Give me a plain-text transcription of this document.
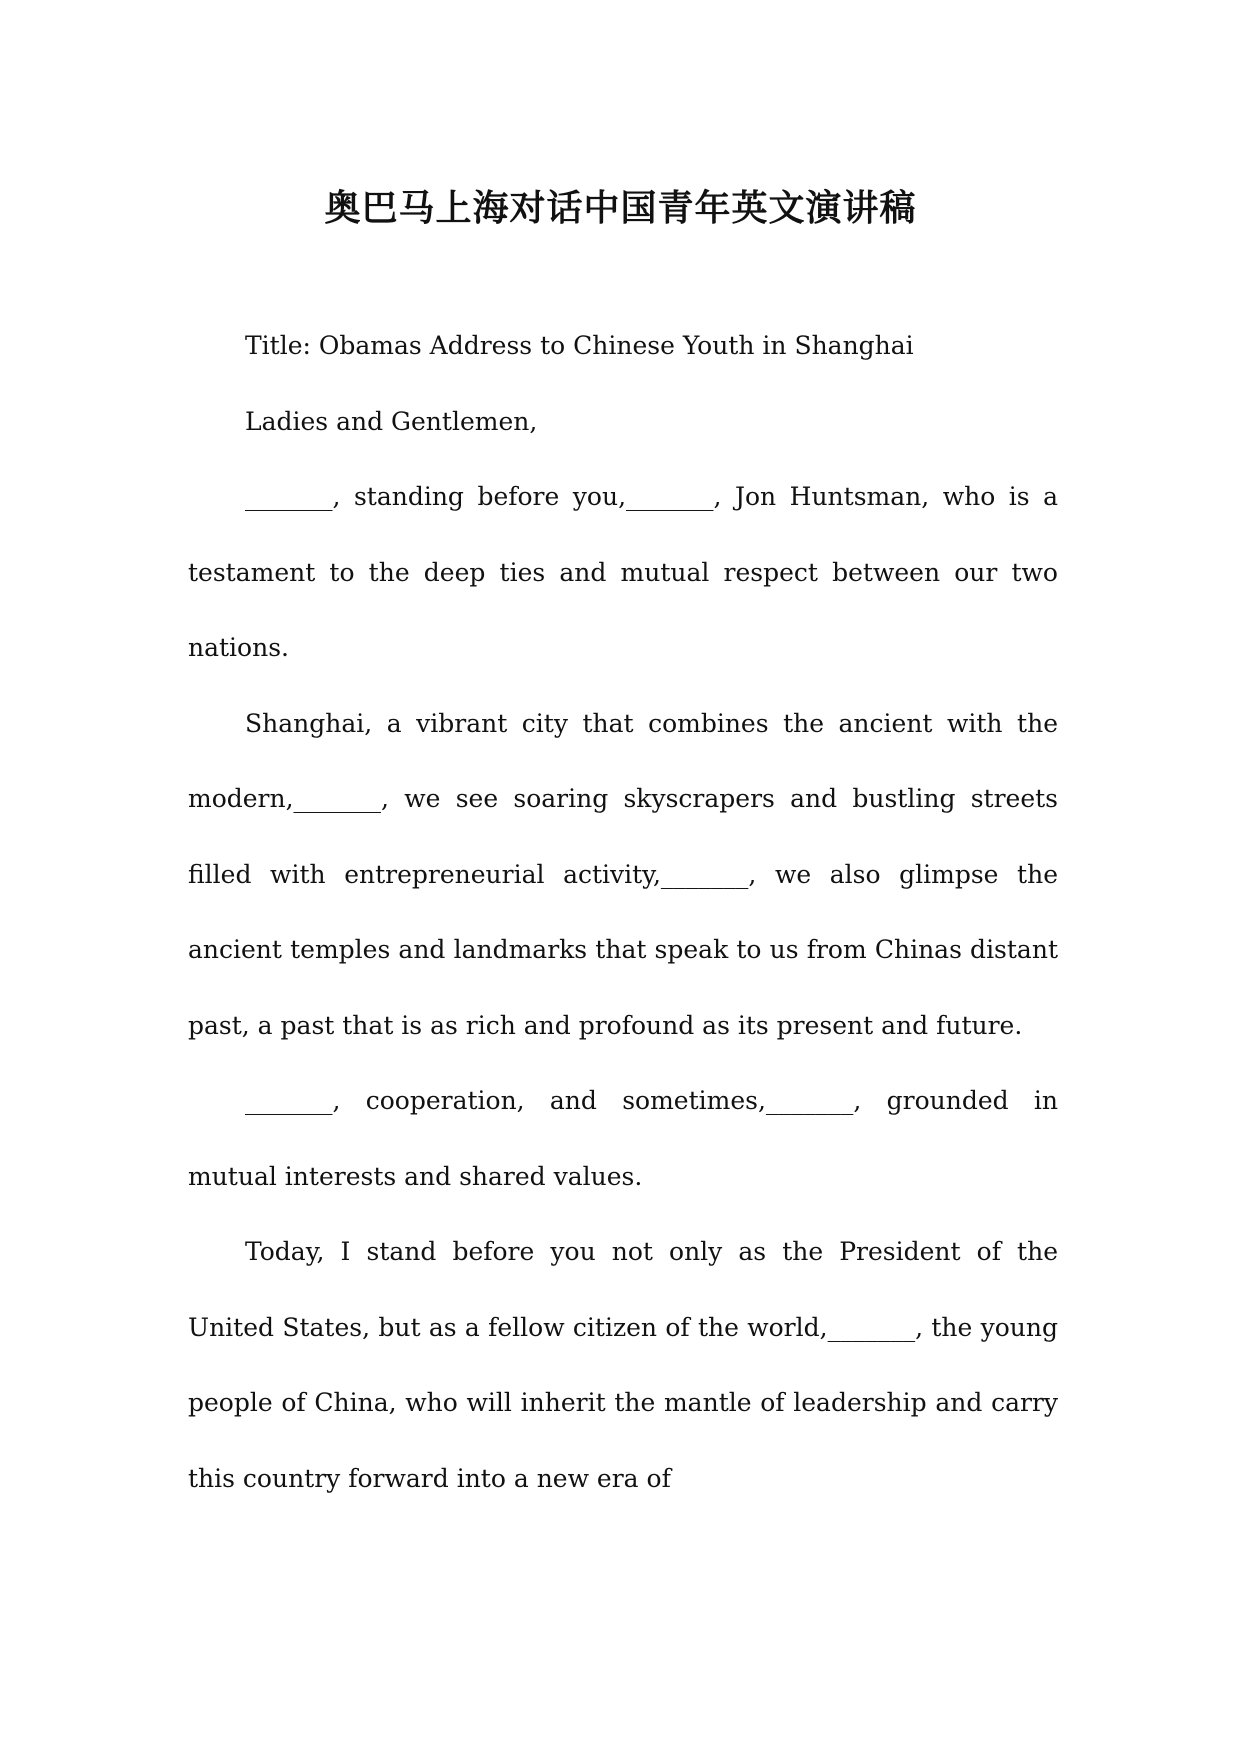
奥巴马上海对话中国青年英文演讲稿

Title: Obamas Address to Chinese Youth in Shanghai

Ladies and Gentlemen,

_______, standing before you,_______, Jon Huntsman, who is a testament to the deep ties and mutual respect between our two nations.

Shanghai, a vibrant city that combines the ancient with the modern,_______, we see soaring skyscrapers and bustling streets filled with entrepreneurial activity,_______, we also glimpse the ancient temples and landmarks that speak to us from Chinas distant past, a past that is as rich and profound as its present and future.

_______, cooperation, and sometimes,_______, grounded in mutual interests and shared values.

Today, I stand before you not only as the President of the United States, but as a fellow citizen of the world,_______, the young people of China, who will inherit the mantle of leadership and carry this country forward into a new era of
